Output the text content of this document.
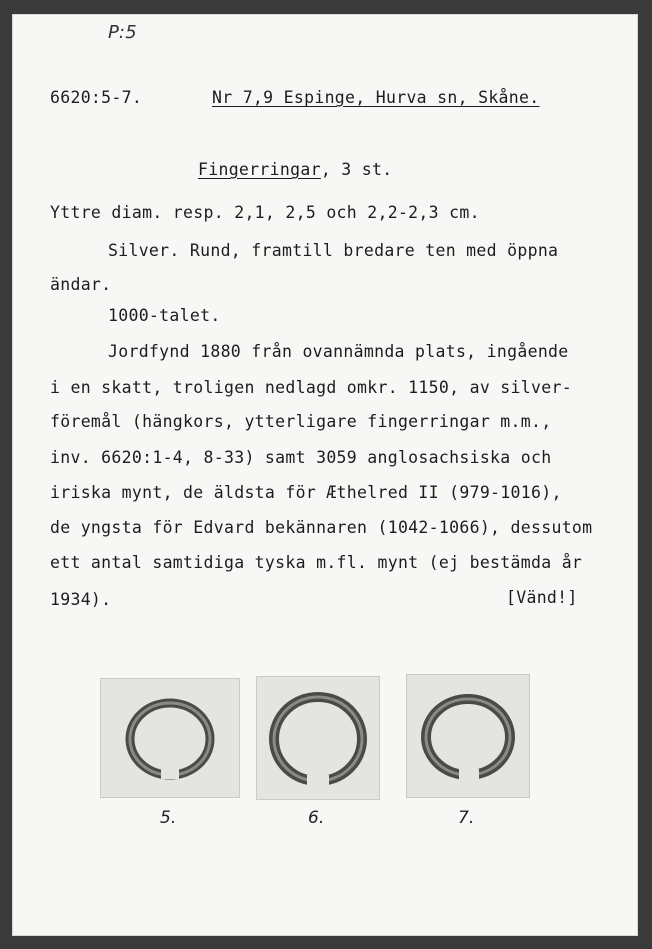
P:5
6620:5-7.	Nr 7,9 Espinge, Hurva sn, Skåne.
Fingerringar, 3 st.
Yttre diam. resp. 2,1, 2,5 och 2,2-2,3 cm.
Silver. Rund, framtill bredare ten med öppna
ändar.
1000-talet.
Jordfynd 1880 från ovannämnda plats, ingående
i en skatt, troligen nedlagd omkr. 1150, av silver-
föremål (hängkors, ytterligare fingerringar m.m.,
inv. 6620:1-4, 8-33) samt 3059 anglosachsiska och
iriska mynt, de äldsta för Æthelred II (979-1016),
de yngsta för Edvard bekännaren (1042-1066), dessutom
ett antal samtidiga tyska m.fl. mynt (ej bestämda år
1934).	[Vänd!]
5.	6.	7.
